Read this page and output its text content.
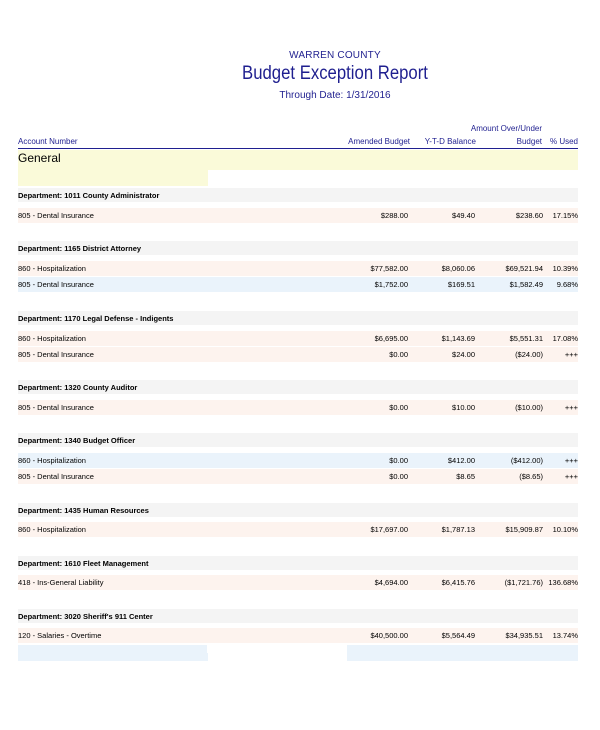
WARREN COUNTY
Budget Exception Report
Through Date: 1/31/2016
Account Number	Amended Budget Y-T-D Balance
Amount Over/Under
Budget % Used
General
Department: 1011 County Administrator
805 - Dental Insurance	$288.00	$49.40	$238.60 17.15%
Department: 1165 District Attorney
860 - Hospitalization	$77,582.00	$8,060.06	$69,521.94 10.39%
805 - Dental Insurance	$1,752.00	$169.51	$1,582.49 9.68%
Department: 1170 Legal Defense - Indigents
860 - Hospitalization	$6,695.00	$1,143.69	$5,551.31 17.08%
805 - Dental Insurance	$0.00	$24.00	($24.00)	+++
Department: 1320 County Auditor
805 - Dental Insurance	$0.00	$10.00	($10.00)	+++
Department: 1340 Budget Officer
860 - Hospitalization	$0.00	$412.00	($412.00)	+++
805 - Dental Insurance	$0.00	$8.65	($8.65)	+++
Department: 1435 Human Resources
860 - Hospitalization	$17,697.00	$1,787.13	$15,909.87 10.10%
Department: 1610 Fleet Management
418 - Ins-General Liability	$4,694.00	$6,415.76	($1,721.76) 136.68%
Department: 3020 Sheriff's 911 Center
120 - Salaries - Overtime	$40,500.00	$5,564.49	$34,935.51 13.74%
